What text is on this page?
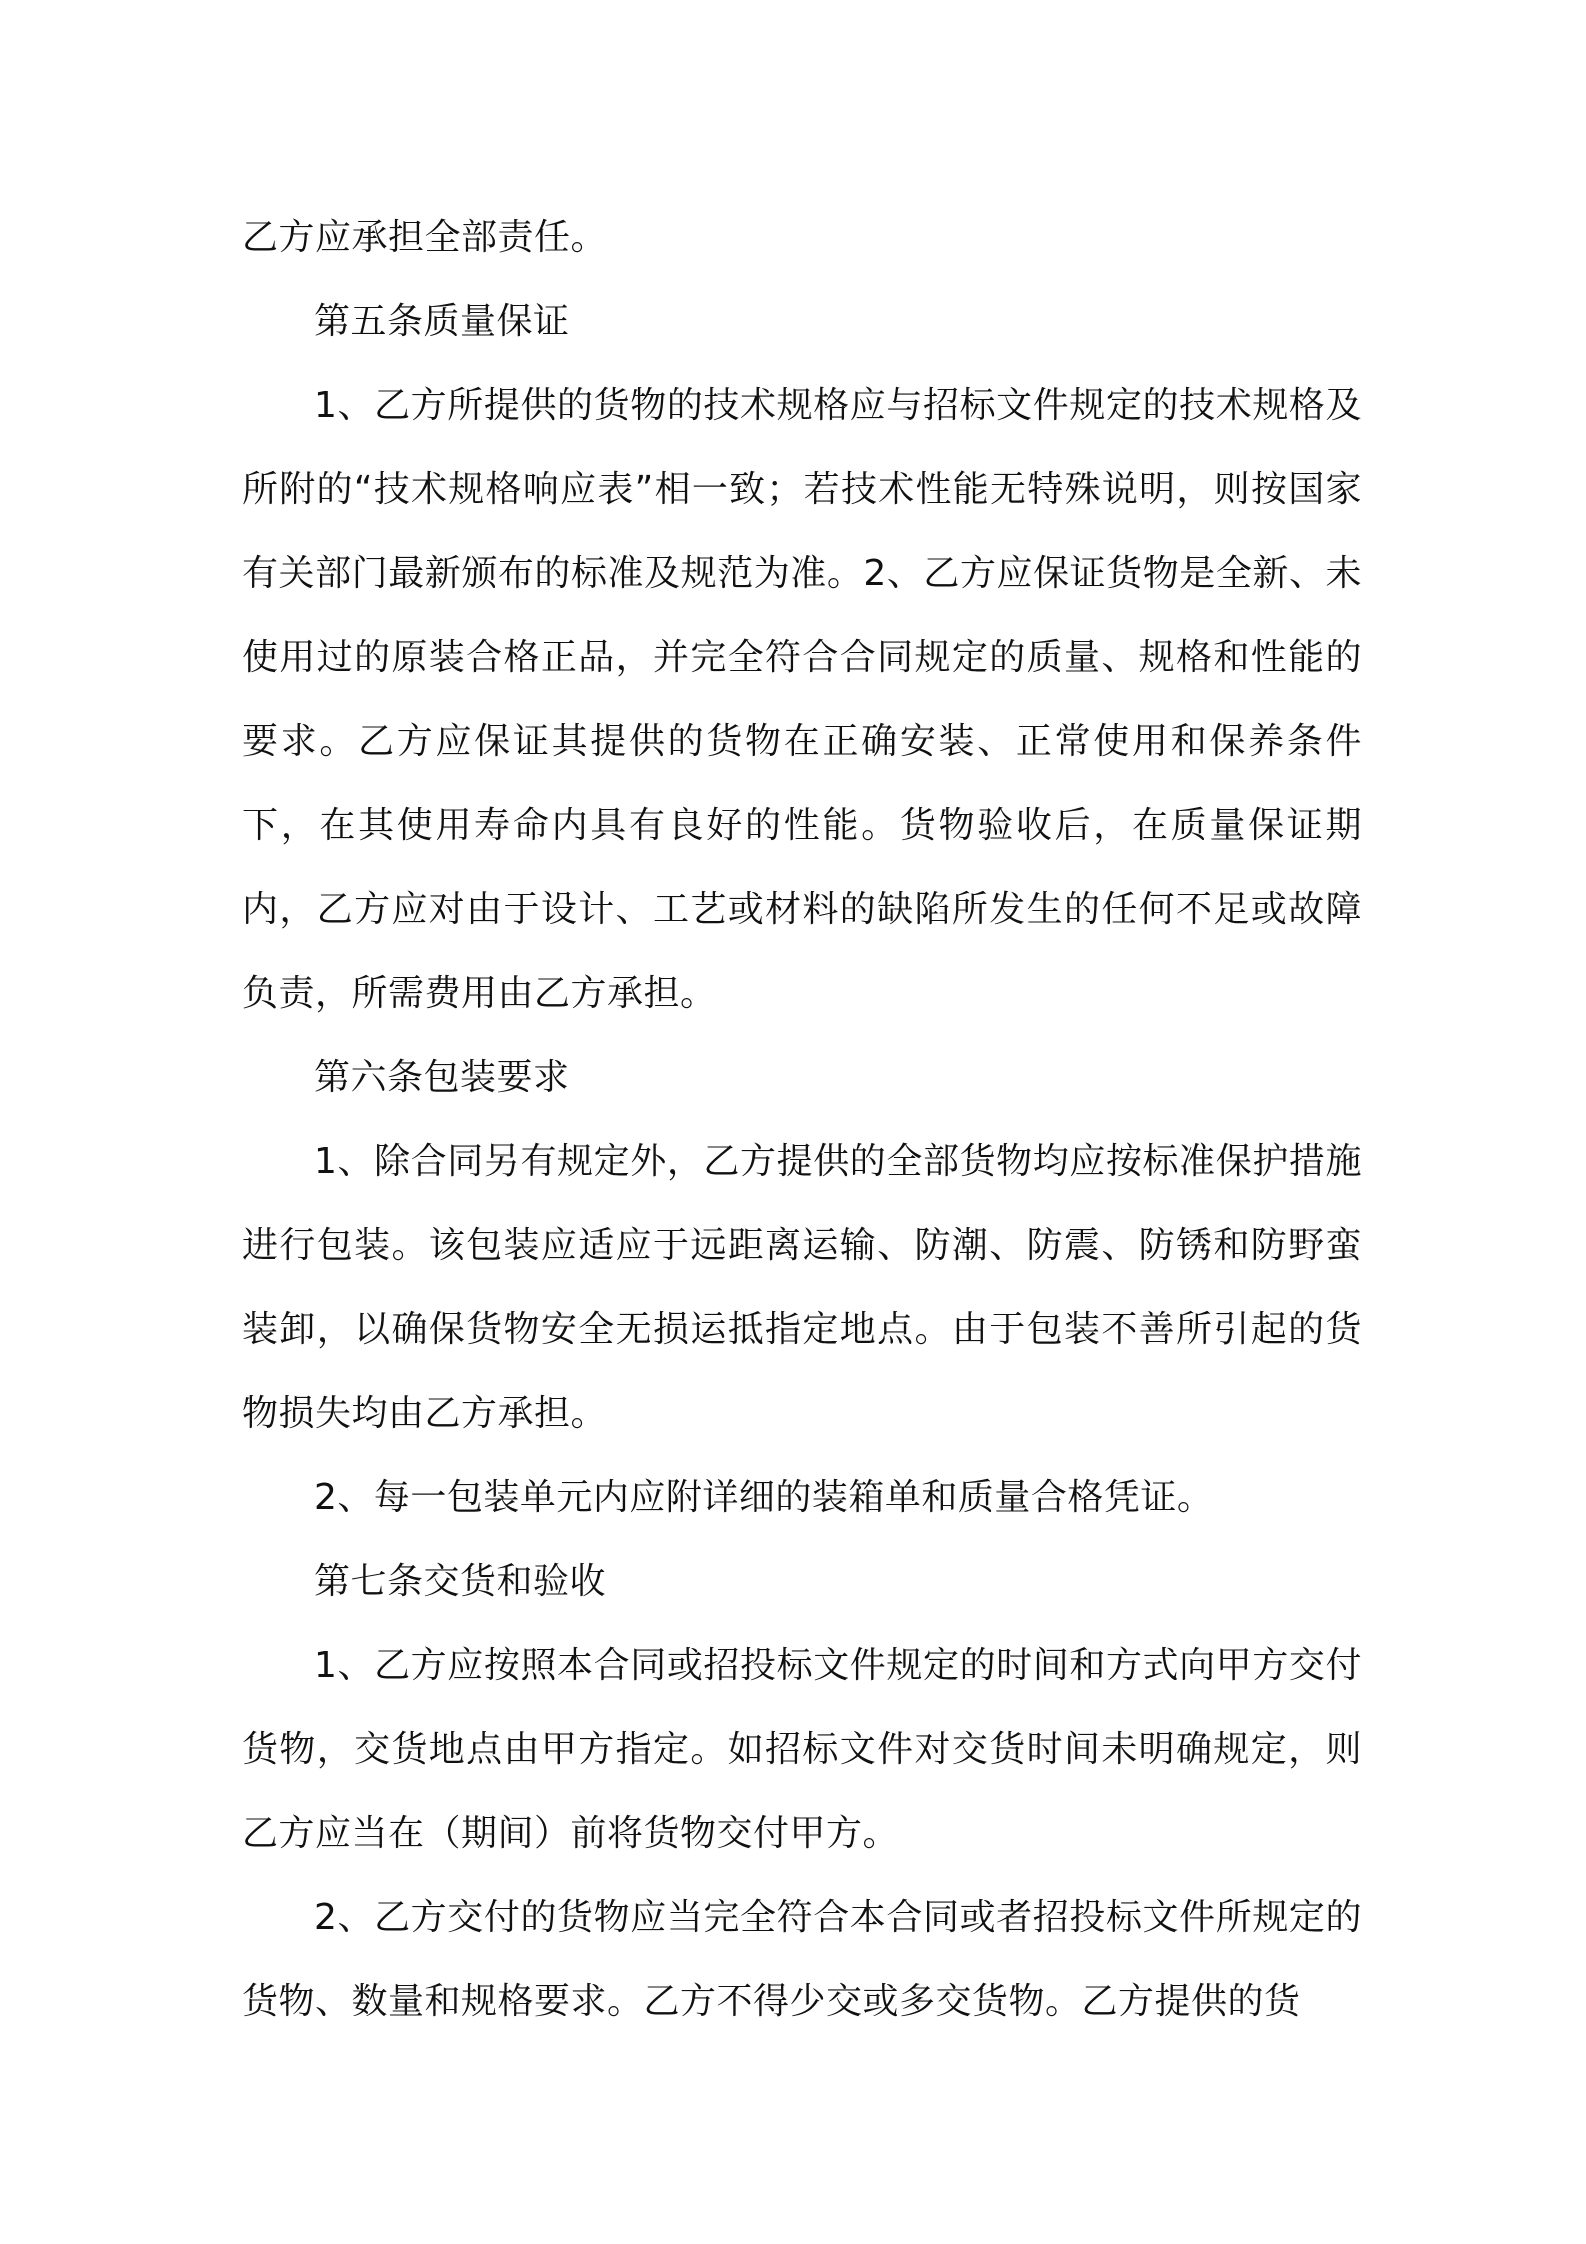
乙方应承担全部责任。

第五条质量保证

1、乙方所提供的货物的技术规格应与招标文件规定的技术规格及所附的“技术规格响应表”相一致；若技术性能无特殊说明，则按国家有关部门最新颁布的标准及规范为准。2、乙方应保证货物是全新、未使用过的原装合格正品，并完全符合合同规定的质量、规格和性能的要求。乙方应保证其提供的货物在正确安装、正常使用和保养条件下，在其使用寿命内具有良好的性能。货物验收后，在质量保证期内，乙方应对由于设计、工艺或材料的缺陷所发生的任何不足或故障负责，所需费用由乙方承担。

第六条包装要求

1、除合同另有规定外，乙方提供的全部货物均应按标准保护措施进行包装。该包装应适应于远距离运输、防潮、防震、防锈和防野蛮装卸，以确保货物安全无损运抵指定地点。由于包装不善所引起的货物损失均由乙方承担。

2、每一包装单元内应附详细的装箱单和质量合格凭证。

第七条交货和验收

1、乙方应按照本合同或招投标文件规定的时间和方式向甲方交付货物，交货地点由甲方指定。如招标文件对交货时间未明确规定，则乙方应当在（期间）前将货物交付甲方。

2、乙方交付的货物应当完全符合本合同或者招投标文件所规定的货物、数量和规格要求。乙方不得少交或多交货物。乙方提供的货
